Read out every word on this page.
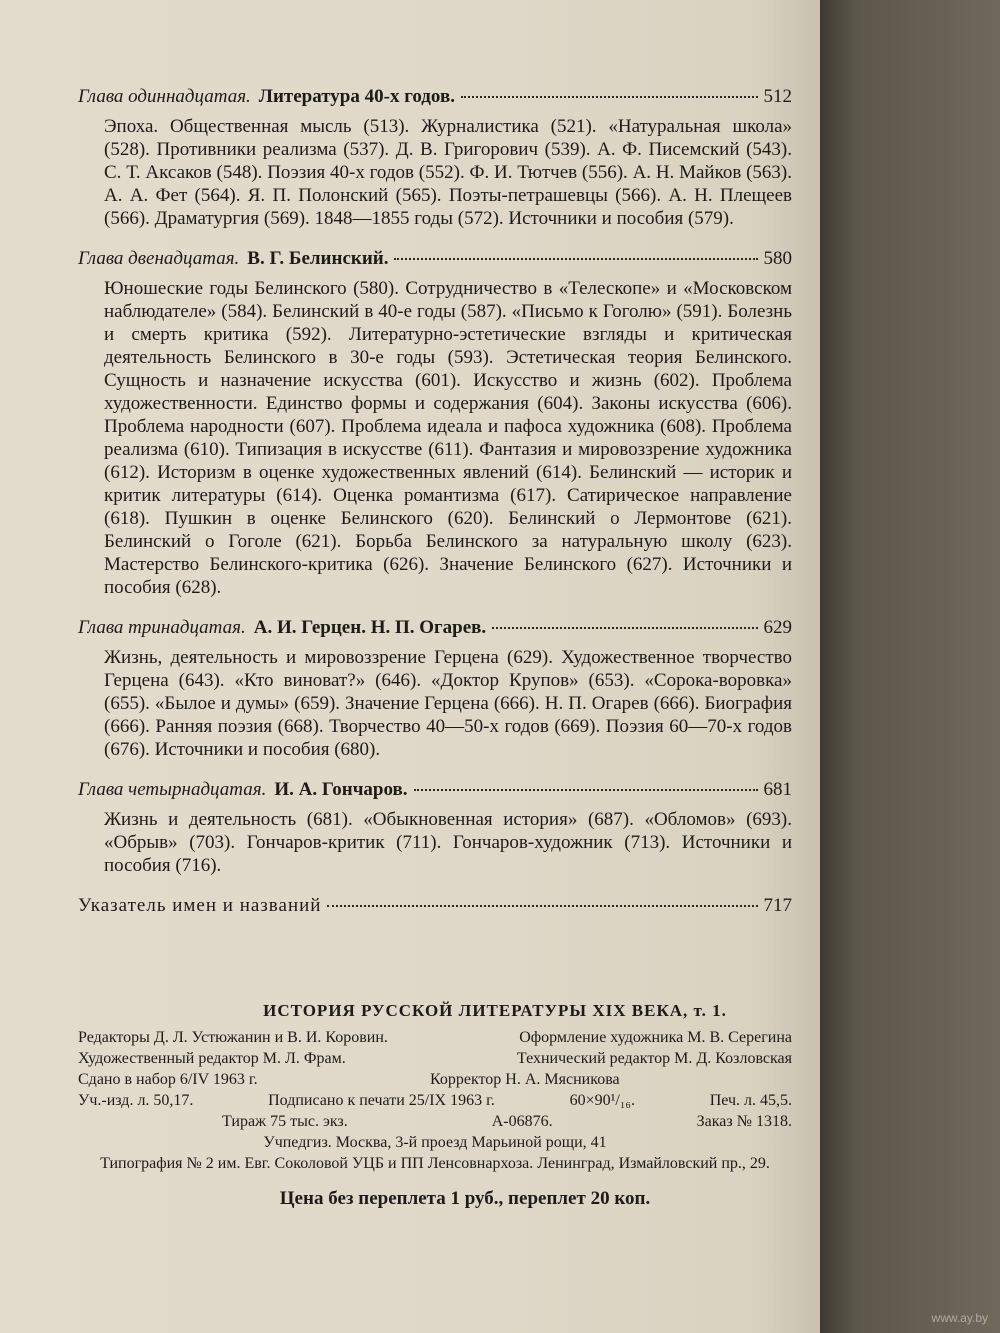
Глава одиннадцатая. Литература 40-х годов.	512
Эпоха. Общественная мысль (513). Журналистика (521). «Натуральная школа» (528). Противники реализма (537). Д. В. Григорович (539). А. Ф. Писемский (543). С. Т. Аксаков (548). Поэзия 40-х годов (552). Ф. И. Тютчев (556). А. Н. Майков (563). А. А. Фет (564). Я. П. Полонский (565). Поэты-петрашевцы (566). А. Н. Плещеев (566). Драматургия (569). 1848—1855 годы (572). Источники и пособия (579).
Глава двенадцатая. В. Г. Белинский.	580
Юношеские годы Белинского (580). Сотрудничество в «Телескопе» и «Московском наблюдателе» (584). Белинский в 40-е годы (587). «Письмо к Гоголю» (591). Болезнь и смерть критика (592). Литературно-эстетические взгляды и критическая деятельность Белинского в 30-е годы (593). Эстетическая теория Белинского. Сущность и назначение искусства (601). Искусство и жизнь (602). Проблема художественности. Единство формы и содержания (604). Законы искусства (606). Проблема народности (607). Проблема идеала и пафоса художника (608). Проблема реализма (610). Типизация в искусстве (611). Фантазия и мировоззрение художника (612). Историзм в оценке художественных явлений (614). Белинский — историк и критик литературы (614). Оценка романтизма (617). Сатирическое направление (618). Пушкин в оценке Белинского (620). Белинский о Лермонтове (621). Белинский о Гоголе (621). Борьба Белинского за натуральную школу (623). Мастерство Белинского-критика (626). Значение Белинского (627). Источники и пособия (628).
Глава тринадцатая. А. И. Герцен. Н. П. Огарев.	629
Жизнь, деятельность и мировоззрение Герцена (629). Художественное творчество Герцена (643). «Кто виноват?» (646). «Доктор Крупов» (653). «Сорока-воровка» (655). «Былое и думы» (659). Значение Герцена (666). Н. П. Огарев (666). Биография (666). Ранняя поэзия (668). Творчество 40—50-х годов (669). Поэзия 60—70-х годов (676). Источники и пособия (680).
Глава четырнадцатая. И. А. Гончаров.	681
Жизнь и деятельность (681). «Обыкновенная история» (687). «Обломов» (693). «Обрыв» (703). Гончаров-критик (711). Гончаров-художник (713). Источники и пособия (716).
Указатель имен и названий	717
ИСТОРИЯ РУССКОЙ ЛИТЕРАТУРЫ XIX ВЕКА, т. 1.
Редакторы Д. Л. Устюжанин и В. И. Коровин.	Оформление художника М. В. Серегина
Художественный редактор М. Л. Фрам.	Технический редактор М. Д. Козловская
Сдано в набор 6/IV 1963 г.	Корректор Н. А. Мясникова
Уч.-изд. л. 50,17.	Подписано к печати 25/IX 1963 г.	60×90¹/₁₆.	Печ. л. 45,5.
Тираж 75 тыс. экз.	А-06876.	Заказ № 1318.
Учпедгиз. Москва, 3-й проезд Марьиной рощи, 41
Типография № 2 им. Евг. Соколовой УЦБ и ПП Ленсовнархоза. Ленинград, Измайловский пр., 29.
Цена без переплета 1 руб., переплет 20 коп.
www.ay.by
